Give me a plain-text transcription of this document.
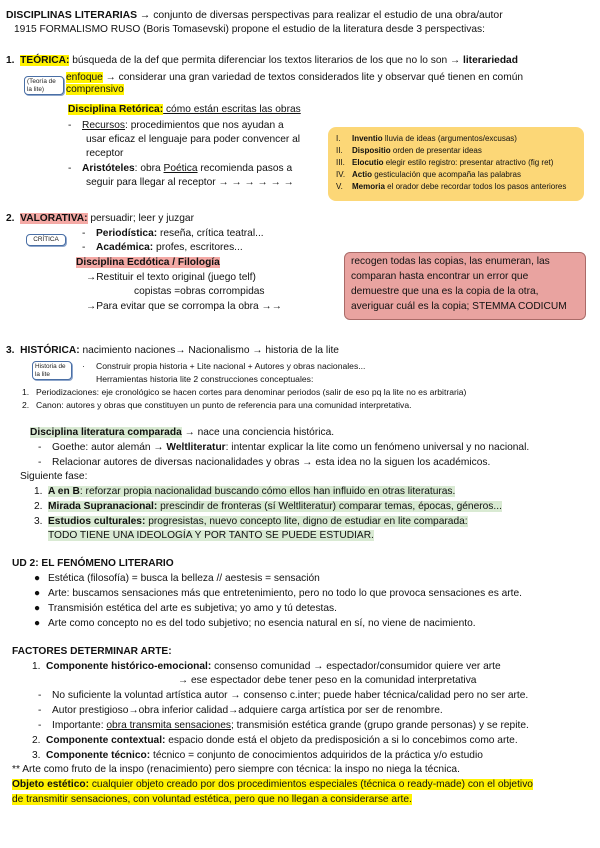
DISCIPLINAS LITERARIAS → conjunto de diversas perspectivas para realizar el estudio de una obra/autor
1915 FORMALISMO RUSO (Boris Tomasevski) propone el estudio de la literatura desde 3 perspectivas:
1. TEÓRICA: búsqueda de la def que permita diferenciar los textos literarios de los que no lo son → literariedad
(Teoría de
la lite)
enfoque → considerar una gran variedad de textos considerados lite y observar qué tienen en común
comprensivo
Disciplina Retórica: cómo están escritas las obras
- Recursos: procedimientos que nos ayudan a
usar eficaz el lenguaje para poder convencer al
receptor
- Aristóteles: obra Poética recomienda pasos a
seguir para llegar al receptor → → → → → →
I. Inventio lluvia de ideas (argumentos/excusas)
II. Dispositio orden de presentar ideas
III. Elocutio elegir estilo registro: presentar atractivo (fig ret)
IV. Actio gesticulación que acompaña las palabras
V. Memoria el orador debe recordar todos los pasos anteriores
2. VALORATIVA: persuadir; leer y juzgar
CRÍTICA
- Periodística: reseña, crítica teatral...
- Académica: profes, escritores...
Disciplina Ecdótica / Filología
→Restituir el texto original (juego telf)
copistas =obras corrompidas
→Para evitar que se corrompa la obra →→
recogen todas las copias, las enumeran, las
comparan hasta encontrar un error que
demuestre que una es la copia de la otra,
averiguar cuál es la copia; STEMMA CODICUM
3. HISTÓRICA: nacimiento naciones→ Nacionalismo → historia de la lite
Historia de
la lite
· Construir propia historia + Lite nacional + Autores y obras nacionales...
Herramientas historia lite 2 construcciones conceptuales:
1. Periodizaciones: eje cronológico se hacen cortes para denominar periodos (salir de eso pq la lite no es arbitraria)
2. Canon: autores y obras que constituyen un punto de referencia para una comunidad interpretativa.
Disciplina literatura comparada → nace una conciencia histórica.
- Goethe: autor alemán → Weltliteratur: intentar explicar la lite como un fenómeno universal y no nacional.
- Relacionar autores de diversas nacionalidades y obras → esta idea no la siguen los académicos.
Siguiente fase:
1. A en B: reforzar propia nacionalidad buscando cómo ellos han influido en otras literaturas.
2. Mirada Supranacional: prescindir de fronteras (sí Weltliteratur) comparar temas, épocas, géneros...
3. Estudios culturales: progresistas, nuevo concepto lite, digno de estudiar en lite comparada:
TODO TIENE UNA IDEOLOGÍA Y POR TANTO SE PUEDE ESTUDIAR.
UD 2: EL FENÓMENO LITERARIO
● Estética (filosofía) = busca la belleza // aestesis = sensación
● Arte: buscamos sensaciones más que entretenimiento, pero no todo lo que provoca sensaciones es arte.
● Transmisión estética del arte es subjetiva; yo amo y tú detestas.
● Arte como concepto no es del todo subjetivo; no esencia natural en sí, no viene de nacimiento.
FACTORES DETERMINAR ARTE:
1. Componente histórico-emocional: consenso comunidad → espectador/consumidor quiere ver arte
→ ese espectador debe tener peso en la comunidad interpretativa
- No suficiente la voluntad artística autor → consenso c.inter; puede haber técnica/calidad pero no ser arte.
- Autor prestigioso→obra inferior calidad→adquiere carga artística por ser de renombre.
- Importante: obra transmita sensaciones; transmisión estética grande (grupo grande personas) y se repite.
2. Componente contextual: espacio donde está el objeto da predisposición a si lo concebimos como arte.
3. Componente técnico: técnico = conjunto de conocimientos adquiridos de la práctica y/o estudio
** Arte como fruto de la inspo (renacimiento) pero siempre con técnica: la inspo no niega la técnica.
Objeto estético: cualquier objeto creado por dos procedimientos especiales (técnica o ready-made) con el objetivo
de transmitir sensaciones, con voluntad estética, pero que no llegan a considerarse arte.
